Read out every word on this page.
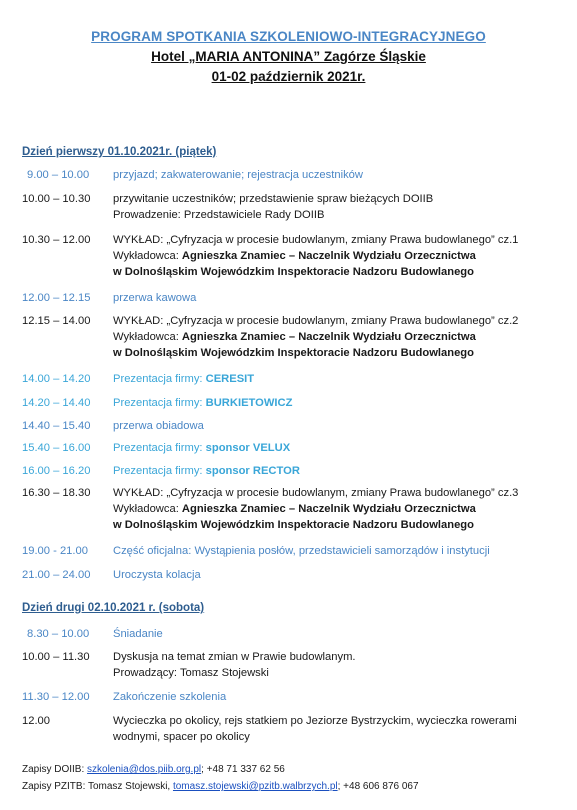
PROGRAM SPOTKANIA SZKOLENIOWO-INTEGRACYJNEGO
Hotel „MARIA ANTONINA” Zagórze Śląskie
01-02 październik 2021r.
Dzień pierwszy 01.10.2021r. (piątek)
9.00 – 10.00	przyjazd; zakwaterowanie; rejestracja uczestników
10.00 – 10.30	przywitanie uczestników; przedstawienie spraw bieżących DOIIB
Prowadzenie: Przedstawiciele Rady DOIIB
10.30 – 12.00	WYKŁAD: „Cyfryzacja w procesie budowlanym, zmiany Prawa budowlanego” cz.1
Wykładowca: Agnieszka Znamiec – Naczelnik Wydziału Orzecznictwa
w Dolnośląskim Wojewódzkim Inspektoracie Nadzoru Budowlanego
12.00 – 12.15	przerwa kawowa
12.15 – 14.00	WYKŁAD: „Cyfryzacja w procesie budowlanym, zmiany Prawa budowlanego” cz.2
Wykładowca: Agnieszka Znamiec – Naczelnik Wydziału Orzecznictwa
w Dolnośląskim Wojewódzkim Inspektoracie Nadzoru Budowlanego
14.00 – 14.20	Prezentacja firmy: CERESIT
14.20 – 14.40	Prezentacja firmy: BURKIETOWICZ
14.40 – 15.40	przerwa obiadowa
15.40 – 16.00	Prezentacja firmy: sponsor VELUX
16.00 – 16.20	Prezentacja firmy: sponsor RECTOR
16.30 – 18.30	WYKŁAD: „Cyfryzacja w procesie budowlanym, zmiany Prawa budowlanego” cz.3
Wykładowca: Agnieszka Znamiec – Naczelnik Wydziału Orzecznictwa
w Dolnośląskim Wojewódzkim Inspektoracie Nadzoru Budowlanego
19.00 - 21.00	Część oficjalna: Wystąpienia posłów, przedstawicieli samorządów i instytucji
21.00 – 24.00	Uroczysta kolacja
Dzień drugi 02.10.2021 r. (sobota)
8.30 – 10.00	Śniadanie
10.00 – 11.30	Dyskusja na temat zmian w Prawie budowlanym.
Prowadzący: Tomasz Stojewski
11.30 – 12.00	Zakończenie szkolenia
12.00	Wycieczka po okolicy, rejs statkiem po Jeziorze Bystrzyckim, wycieczka rowerami
wodnymi, spacer po okolicy
Zapisy DOIIB: szkolenia@dos.piib.org.pl; +48 71 337 62 56
Zapisy PZITB: Tomasz Stojewski, tomasz.stojewski@pzitb.walbrzych.pl; +48 606 876 067
